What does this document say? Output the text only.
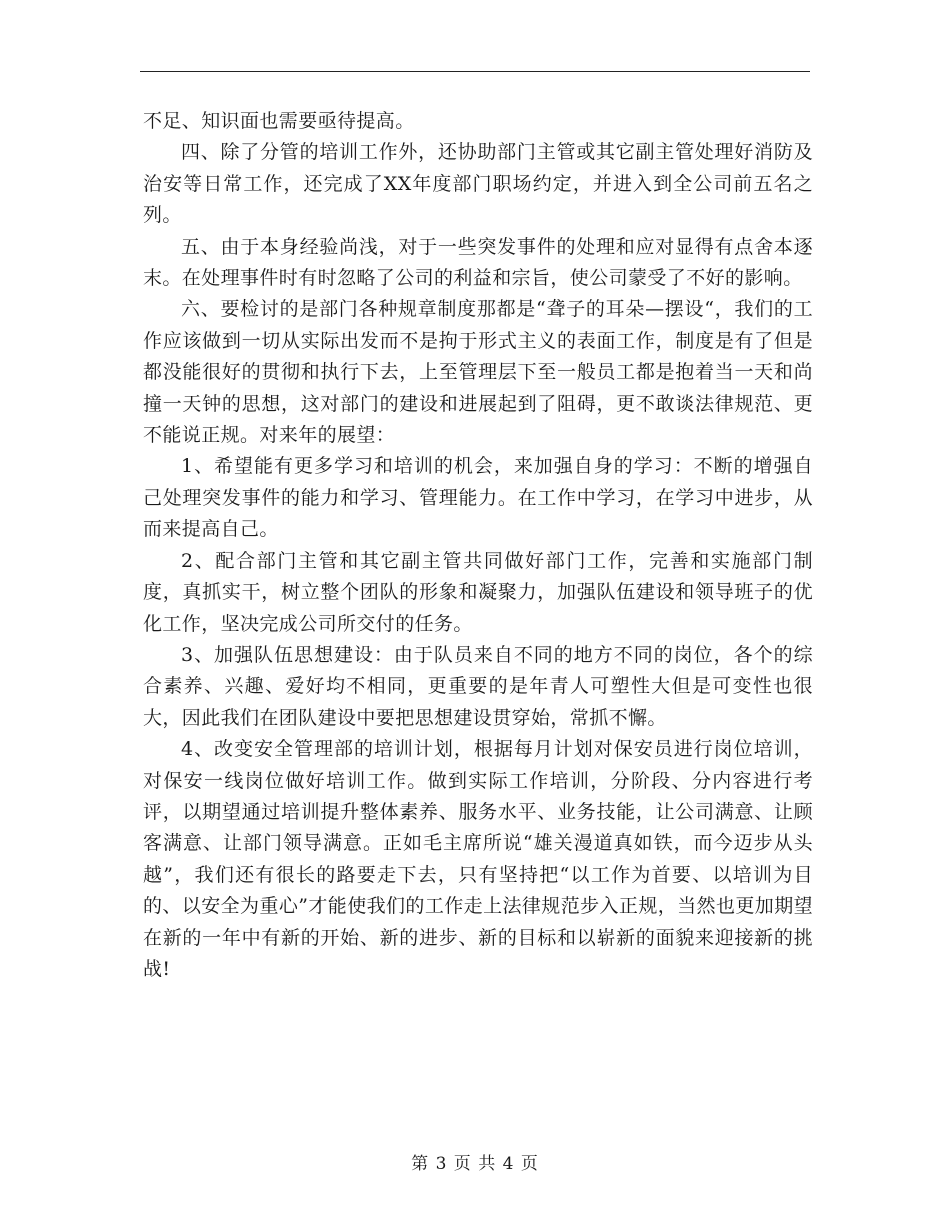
不足、知识面也需要亟待提高。

四、除了分管的培训工作外，还协助部门主管或其它副主管处理好消防及治安等日常工作，还完成了XX年度部门职场约定，并进入到全公司前五名之列。

五、由于本身经验尚浅，对于一些突发事件的处理和应对显得有点舍本逐末。在处理事件时有时忽略了公司的利益和宗旨，使公司蒙受了不好的影响。

六、要检讨的是部门各种规章制度那都是“聋子的耳朵—摆设“，我们的工作应该做到一切从实际出发而不是拘于形式主义的表面工作，制度是有了但是都没能很好的贯彻和执行下去，上至管理层下至一般员工都是抱着当一天和尚撞一天钟的思想，这对部门的建设和进展起到了阻碍，更不敢谈法律规范、更不能说正规。对来年的展望：

1、希望能有更多学习和培训的机会，来加强自身的学习：不断的增强自己处理突发事件的能力和学习、管理能力。在工作中学习，在学习中进步，从而来提高自己。

2、配合部门主管和其它副主管共同做好部门工作，完善和实施部门制度，真抓实干，树立整个团队的形象和凝聚力，加强队伍建设和领导班子的优化工作，坚决完成公司所交付的任务。

3、加强队伍思想建设：由于队员来自不同的地方不同的岗位，各个的综合素养、兴趣、爱好均不相同，更重要的是年青人可塑性大但是可变性也很大，因此我们在团队建设中要把思想建设贯穿始，常抓不懈。

4、改变安全管理部的培训计划，根据每月计划对保安员进行岗位培训，对保安一线岗位做好培训工作。做到实际工作培训，分阶段、分内容进行考评，以期望通过培训提升整体素养、服务水平、业务技能，让公司满意、让顾客满意、让部门领导满意。正如毛主席所说“雄关漫道真如铁，而今迈步从头越”，我们还有很长的路要走下去，只有坚持把“以工作为首要、以培训为目的、以安全为重心”才能使我们的工作走上法律规范步入正规，当然也更加期望在新的一年中有新的开始、新的进步、新的目标和以崭新的面貌来迎接新的挑战!

第 3 页 共 4 页
